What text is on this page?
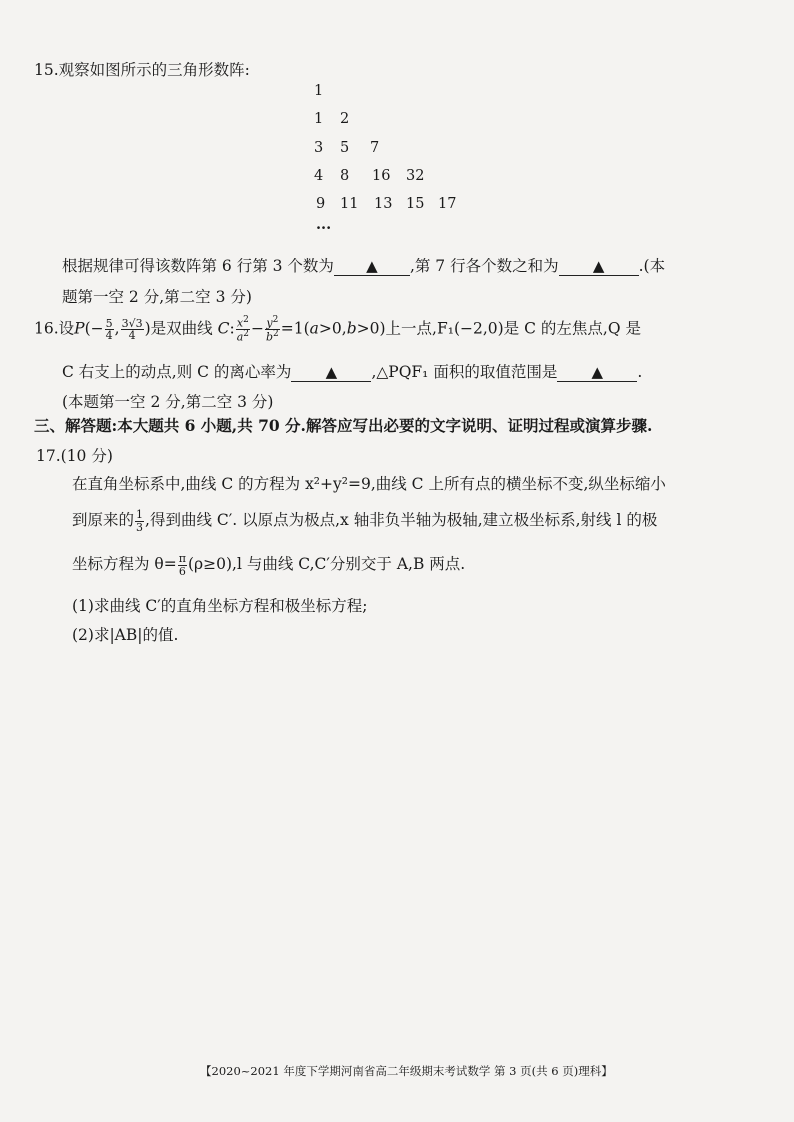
15.观察如图所示的三角形数阵:
1
1 2
3 5 7
4 8 16 32
9 11 13 15 17
···
根据规律可得该数阵第 6 行第 3 个数为 ▲ ,第 7 行各个数之和为 ▲ .(本
题第一空 2 分,第二空 3 分)
16.设$P(- \frac{5}{4}$ , $\frac{3√3}{4}$ )是双曲线 C: $\frac{x^2}{a^2} - \frac{y^2}{b^2} =1(a>0,b>0)$上一点,F₁(−2,0)是 C 的左焦点,Q 是
C 右支上的动点,则 C 的离心率为 ▲ ,△PQF₁ 面积的取值范围是 ▲ .
(本题第一空 2 分,第二空 3 分)
三、解答题:本大题共 6 小题,共 70 分.解答应写出必要的文字说明、证明过程或演算步骤.
17.(10 分)
在直角坐标系中,曲线 C 的方程为 x²+y²=9,曲线 C 上所有点的横坐标不变,纵坐标缩小
到原来的 $\frac{1}{3}$ ,得到曲线 C′. 以原点为极点,x 轴非负半轴为极轴,建立极坐标系,射线 l 的极
坐标方程为 $\theta= \frac{\pi}{6} (\rho\ge 0),l$ 与曲线 C,C′分别交于 A,B 两点.
(1)求曲线 C′的直角坐标方程和极坐标方程;
(2)求|AB|的值.
【2020~2021 年度下学期河南省高二年级期末考试数学 第 3 页(共 6 页)理科】
